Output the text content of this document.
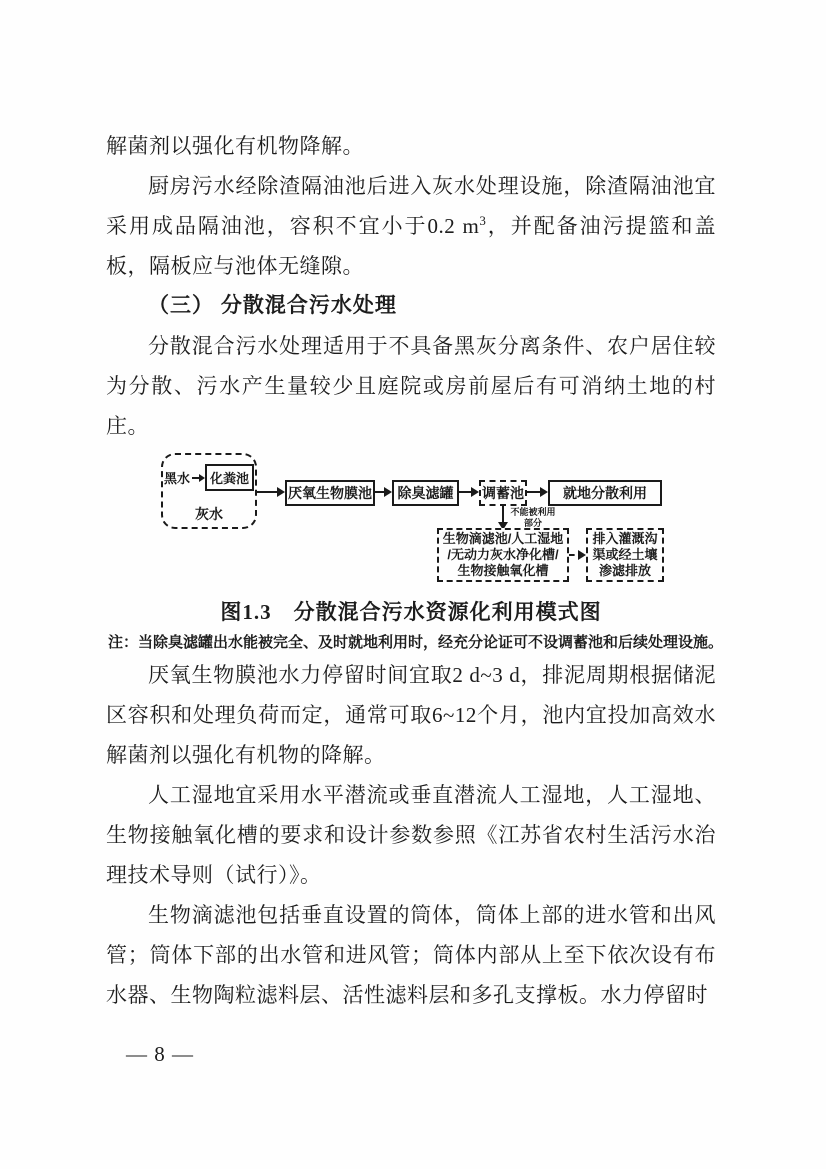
解菌剂以强化有机物降解。

厨房污水经除渣隔油池后进入灰水处理设施，除渣隔油池宜采用成品隔油池，容积不宜小于0.2 $m^3$，并配备油污提篮和盖板，隔板应与池体无缝隙。

（三） 分散混合污水处理

分散混合污水处理适用于不具备黑灰分离条件、农户居住较为分散、污水产生量较少且庭院或房前屋后有可消纳土地的村庄。

黑水	化粪池
灰水
厌氧生物膜池	除臭滤罐	调蓄池	就地分散利用
不能被利用
部分
生物滴滤池/人工湿地
/无动力灰水净化槽/
生物接触氧化槽
排入灌溉沟
渠或经土壤
渗滤排放

图1.3　分散混合污水资源化利用模式图

注：当除臭滤罐出水能被完全、及时就地利用时，经充分论证可不设调蓄池和后续处理设施。

厌氧生物膜池水力停留时间宜取2 d~3 d，排泥周期根据储泥区容积和处理负荷而定，通常可取6~12个月，池内宜投加高效水解菌剂以强化有机物的降解。

人工湿地宜采用水平潜流或垂直潜流人工湿地，人工湿地、生物接触氧化槽的要求和设计参数参照《江苏省农村生活污水治理技术导则（试行）》。

生物滴滤池包括垂直设置的筒体，筒体上部的进水管和出风管；筒体下部的出水管和进风管；筒体内部从上至下依次设有布水器、生物陶粒滤料层、活性滤料层和多孔支撑板。水力停留时

— 8 —
